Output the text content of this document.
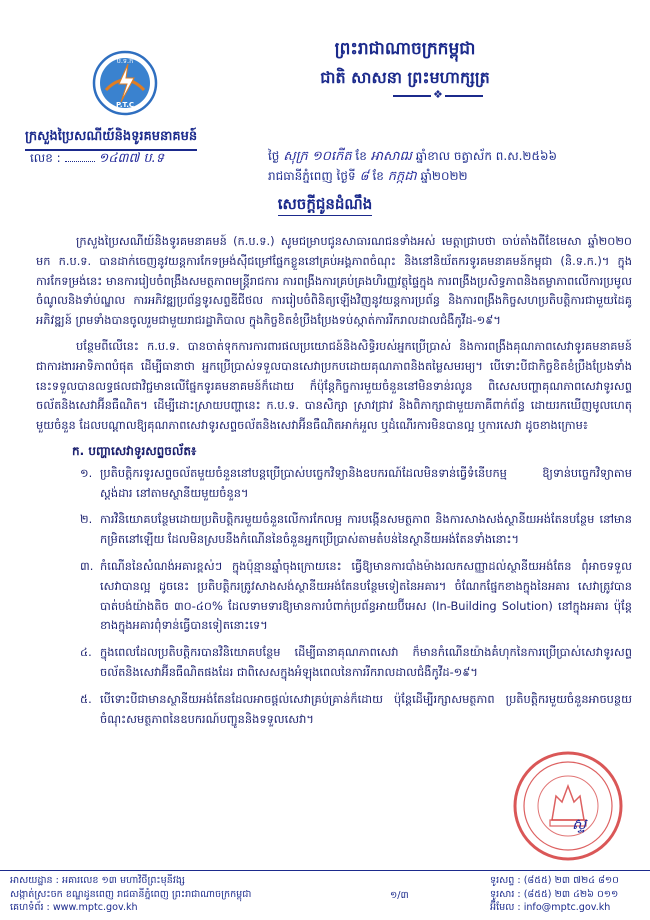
ព្រះរាជាណាចក្រកម្ពុជា
ជាតិ សាសនា ព្រះមហាក្សត្រ
❖
ប.ទ.ក
P.T.C
ក្រសួងប្រៃសណីយ៍និងទូរគមនាគមន៍
លេខ :	១៤៣៧ ប.ទ	ថ្ងៃ សុក្រ ១០កើត ខែ អាសាឍ ឆ្នាំខាល ចត្វាស័ក ព.ស.២៥៦៦
រាជធានីភ្នំពេញ ថ្ងៃទី ៨ ខែ កក្កដា ឆ្នាំ២០២២
សេចក្តីជូនដំណឹង

ក្រសួងប្រៃសណីយ៍និងទូរគមនាគមន៍ (ក.ប.ទ.) សូមជម្រាបជូនសាធារណជនទាំងអស់ មេត្តាជ្រាបថា ចាប់តាំងពីខែមេសា ឆ្នាំ២០២០ មក ក.ប.ទ. បានដាក់ចេញនូវយន្តការកែទម្រង់ស៊ីជម្រៅផ្នែកខ្លួននៅគ្រប់អង្គភាពចំណុះ និងនៅនិយ័តករទូរគមនាគមន៍កម្ពុជា (និ.ទ.ក.)។ ក្នុងការកែទម្រង់នេះ មានការរៀបចំពង្រឹងសមត្ថភាពមន្ត្រីរាជការ ការពង្រឹងការគ្រប់គ្រងហិរញ្ញវត្ថុផ្ទៃក្នុង ការពង្រឹងប្រសិទ្ធភាពនិងតម្លាភាពលើការប្រមូលចំណូលនិងទាំប់ណ្ឌល ការអភិវឌ្ឍប្រព័ន្ធទូរសព្ទឌីជីថល ការរៀបចំពិនិត្យឡើងវិញនូវយន្តការប្រព័ន្ធ និងការពង្រឹងកិច្ចសហប្រតិបត្តិការជាមួយដៃគូអភិវឌ្ឍន៍ ព្រមទាំងបានចូលរួមជាមួយរាជរដ្ឋាភិបាល ក្នុងកិច្ចខិតខំប្រឹងប្រែងទប់ស្កាត់ការរីករាលដាលជំងឺកូវីដ-១៩។

បន្ថែមពីលើនេះ ក.ប.ទ. បានចាត់ទុកការការពារផលប្រយោជន៍និងសិទ្ធិរបស់អ្នកប្រើប្រាស់ និងការពង្រឹងគុណភាពសេវាទូរគមនាគមន៍ ជាការងារអាទិភាពបំផុត ដើម្បីធានាថា អ្នកប្រើប្រាស់ទទួលបានសេវាប្រកបដោយគុណភាពនិងតម្លៃសមរម្យ។ បើទោះបីជាកិច្ចខិតខំប្រឹងប្រែងទាំងនេះទទួលបានលទ្ធផលជាវិជ្ជមានលើផ្នែកទូរគមនាគមន៍ក៏ដោយ ក៏ប៉ុន្តែកិច្ចការមួយចំនួននៅមិនទាន់រលូន ពិសេសបញ្ហាគុណភាពសេវាទូរសព្ទចល័តនិងសេវាអ៊ីនធឺណិត។ ដើម្បីដោះស្រាយបញ្ហានេះ ក.ប.ទ. បានសិក្សា ស្រាវជ្រាវ និងពិភាក្សាជាមួយភាគីពាក់ព័ន្ធ ដោយរកឃើញមូលហេតុមួយចំនួន ដែលបណ្តាលឱ្យគុណភាពសេវាទូរសព្ទចល័តនិងសេវាអ៊ីនធឺណិតអាក់អួល ឬដំណើរការមិនបានល្អ ឬការសេវា ដូចខាងក្រោម៖

ក. បញ្ហាសេវាទូរសព្ទចល័ត៖
១. ប្រតិបត្តិករទូរសព្ទចល័តមួយចំនួននៅបន្តប្រើប្រាស់បច្ចេកវិទ្យានិងឧបករណ៍ដែលមិនទាន់ធ្វើទំនើបកម្ម ឱ្យទាន់បច្ចេកវិទ្យាតាមស្តង់ដារ នៅតាមស្ថានីយមួយចំនួន។
២. ការវិនិយោគបន្ថែមដោយប្រតិបត្តិករមួយចំនួនលើការកែលម្អ ការបង្កើនសមត្ថភាព និងការសាងសង់ស្ថានីយអង់តែនបន្ថែម នៅមានកម្រិតនៅឡើយ ដែលមិនស្របនឹងកំណើននៃចំនួនអ្នកប្រើប្រាស់តាមតំបន់នៃស្ថានីយអង់តែនទាំងនោះ។
៣. កំណើននៃសំណង់អគារខ្ពស់ៗ ក្នុងប៉ុន្មានឆ្នាំចុងក្រោយនេះ ធ្វើឱ្យមានការបាំងម៉ាងរលកសញ្ញាដល់ស្ថានីយអង់តែន ពុំអាចទទួលសេវាបានល្អ ដូចនេះ ប្រតិបត្តិករត្រូវសាងសង់ស្ថានីយអង់តែនបន្ថែមទៀតនៃអគារ។ ចំណែកផ្នែកខាងក្នុងនៃអគារ សេវាត្រូវបានបាត់បង់យ៉ាងតិច ៣០-៤០% ដែលទាមទារឱ្យមានការបំពាក់ប្រព័ន្ធអាយប៊ីអេស (In-Building Solution) នៅក្នុងអគារ ប៉ុន្តែខាងក្នុងអគារពុំទាន់ធ្វើបានទៀតនោះទេ។
៤. ក្នុងពេលដែលប្រតិបត្តិករបានវិនិយោគបន្ថែម ដើម្បីធានាគុណភាពសេវា ក៏មានកំណើនយ៉ាងគំហុកនៃការប្រើប្រាស់សេវាទូរសព្ទចល័តនិងសេវាអ៊ីនធឺណិតផងដែរ ជាពិសេសក្នុងអំឡុងពេលនៃការរីករាលដាលជំងឺកូវីដ-១៩។
៥. បើទោះបីជាមានស្ថានីយអង់តែនដែលអាចផ្តល់សេវាគ្រប់គ្រាន់ក៏ដោយ ប៉ុន្តែដើម្បីរក្សាសមត្ថភាព ប្រតិបត្តិករមួយចំនួនអាចបន្ថយចំណុះសមត្ថភាពនៃឧបករណ៍បញ្ជូននិងទទួលសេវា។
ស្ទ
អាសយដ្ឋាន : អគារលេខ ១៣ មហាវិថីព្រះមុនីវង្ស
សង្កាត់ស្រះចក ខណ្ឌដូនពេញ រាជធានីភ្នំពេញ ព្រះរាជាណាចក្រកម្ពុជា
គេហទំព័រ : www.mptc.gov.kh
១/៣
ទូរសព្ទ : (៨៥៥) ២៣ ៧២៤ ៨១០
ទូរសារ : (៨៥៥) ២៣ ៤២៦ ០១១
អ៊ីមែល : info@mptc.gov.kh
